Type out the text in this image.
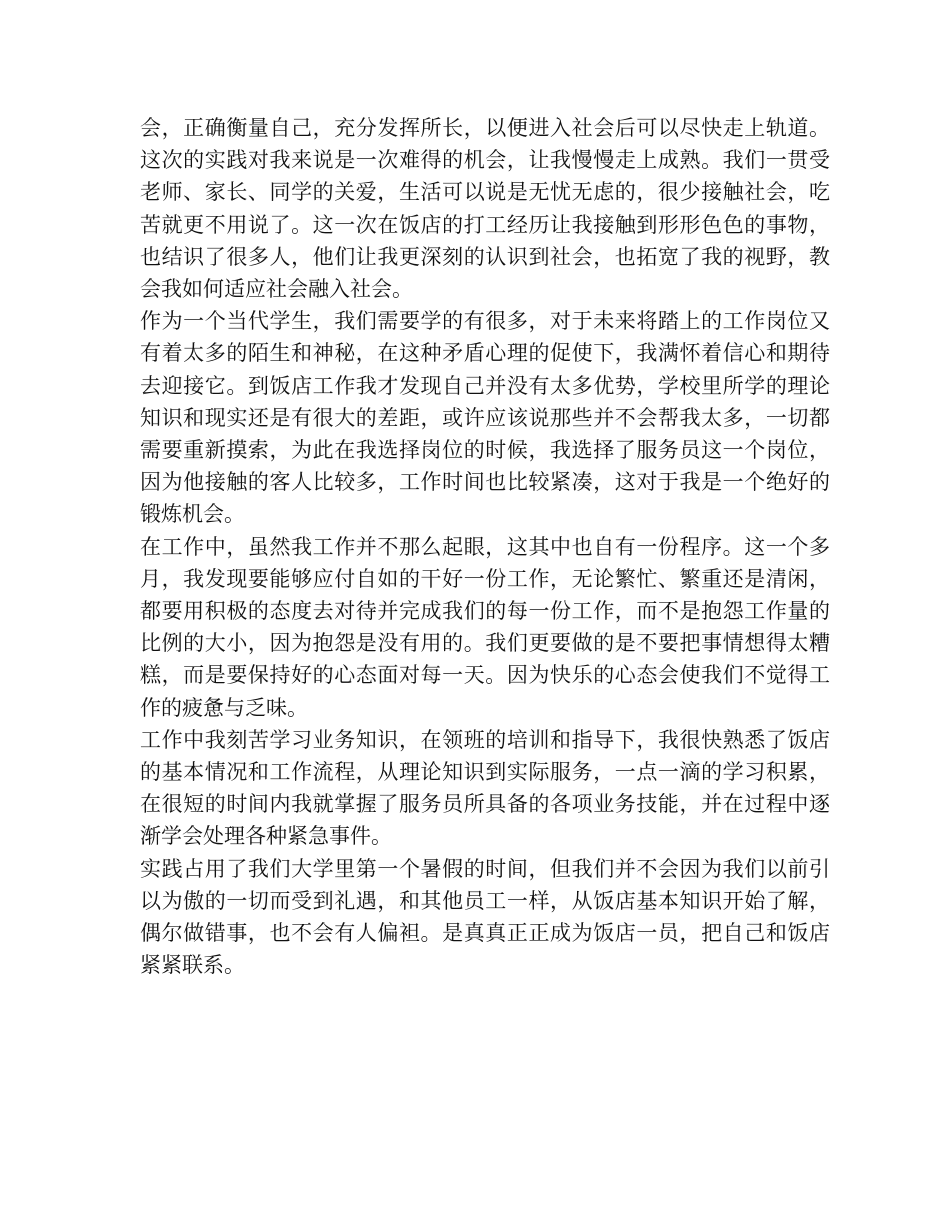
会，正确衡量自己，充分发挥所长，以便进入社会后可以尽快走上轨道。这次的实践对我来说是一次难得的机会，让我慢慢走上成熟。我们一贯受老师、家长、同学的关爱，生活可以说是无忧无虑的，很少接触社会，吃苦就更不用说了。这一次在饭店的打工经历让我接触到形形色色的事物，也结识了很多人，他们让我更深刻的认识到社会，也拓宽了我的视野，教会我如何适应社会融入社会。

作为一个当代学生，我们需要学的有很多，对于未来将踏上的工作岗位又有着太多的陌生和神秘，在这种矛盾心理的促使下，我满怀着信心和期待去迎接它。到饭店工作我才发现自己并没有太多优势，学校里所学的理论知识和现实还是有很大的差距，或许应该说那些并不会帮我太多，一切都需要重新摸索，为此在我选择岗位的时候，我选择了服务员这一个岗位，因为他接触的客人比较多，工作时间也比较紧凑，这对于我是一个绝好的锻炼机会。

在工作中，虽然我工作并不那么起眼，这其中也自有一份程序。这一个多月，我发现要能够应付自如的干好一份工作，无论繁忙、繁重还是清闲，都要用积极的态度去对待并完成我们的每一份工作，而不是抱怨工作量的比例的大小，因为抱怨是没有用的。我们更要做的是不要把事情想得太糟糕，而是要保持好的心态面对每一天。因为快乐的心态会使我们不觉得工作的疲惫与乏味。

工作中我刻苦学习业务知识，在领班的培训和指导下，我很快熟悉了饭店的基本情况和工作流程，从理论知识到实际服务，一点一滴的学习积累，在很短的时间内我就掌握了服务员所具备的各项业务技能，并在过程中逐渐学会处理各种紧急事件。

实践占用了我们大学里第一个暑假的时间，但我们并不会因为我们以前引以为傲的一切而受到礼遇，和其他员工一样，从饭店基本知识开始了解，偶尔做错事，也不会有人偏袒。是真真正正成为饭店一员，把自己和饭店紧紧联系。
